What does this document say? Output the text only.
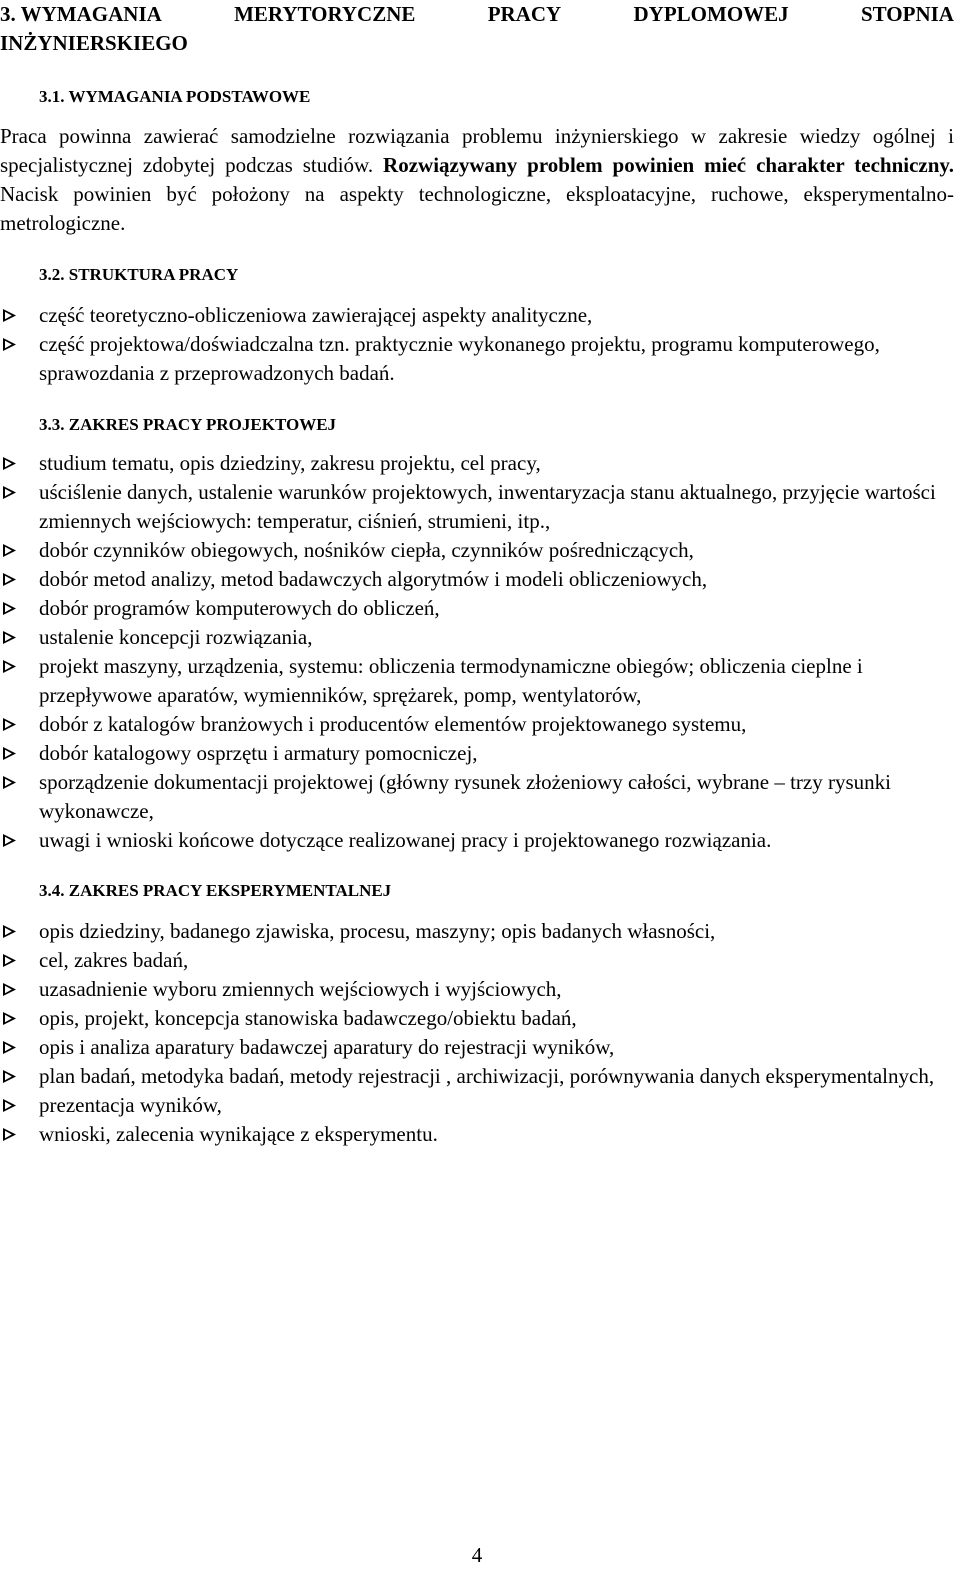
3. WYMAGANIA	MERYTORYCZNE	PRACY	DYPLOMOWEJ	STOPNIA
INŻYNIERSKIEGO
3.1. WYMAGANIA PODSTAWOWE
Praca powinna zawierać samodzielne rozwiązania problemu inżynierskiego w zakresie wiedzy ogólnej i specjalistycznej zdobytej podczas studiów. Rozwiązywany problem powinien mieć charakter techniczny. Nacisk powinien być położony na aspekty technologiczne, eksploatacyjne, ruchowe, eksperymentalno-metrologiczne.
3.2. STRUKTURA PRACY
część teoretyczno-obliczeniowa zawierającej aspekty analityczne,
część projektowa/doświadczalna tzn. praktycznie wykonanego projektu, programu komputerowego, sprawozdania z przeprowadzonych badań.
3.3. ZAKRES PRACY PROJEKTOWEJ
studium tematu, opis dziedziny, zakresu projektu, cel pracy,
uściślenie danych, ustalenie warunków projektowych, inwentaryzacja stanu aktualnego, przyjęcie wartości zmiennych wejściowych: temperatur, ciśnień, strumieni, itp.,
dobór czynników obiegowych, nośników ciepła, czynników pośredniczących,
dobór metod analizy, metod badawczych algorytmów i modeli obliczeniowych,
dobór programów komputerowych do obliczeń,
ustalenie koncepcji rozwiązania,
projekt maszyny, urządzenia, systemu: obliczenia termodynamiczne obiegów; obliczenia cieplne i przepływowe aparatów, wymienników, sprężarek, pomp, wentylatorów,
dobór z katalogów branżowych i producentów elementów projektowanego systemu,
dobór katalogowy osprzętu i armatury pomocniczej,
sporządzenie dokumentacji projektowej (główny rysunek złożeniowy całości, wybrane – trzy rysunki wykonawcze,
uwagi i wnioski końcowe dotyczące realizowanej pracy i projektowanego rozwiązania.
3.4. ZAKRES PRACY EKSPERYMENTALNEJ
opis dziedziny, badanego zjawiska, procesu, maszyny; opis badanych własności,
cel, zakres badań,
uzasadnienie wyboru zmiennych wejściowych i wyjściowych,
opis, projekt, koncepcja stanowiska badawczego/obiektu badań,
opis i analiza aparatury badawczej aparatury do rejestracji wyników,
plan badań, metodyka badań, metody rejestracji , archiwizacji, porównywania danych eksperymentalnych,
prezentacja wyników,
wnioski, zalecenia wynikające z eksperymentu.
4
